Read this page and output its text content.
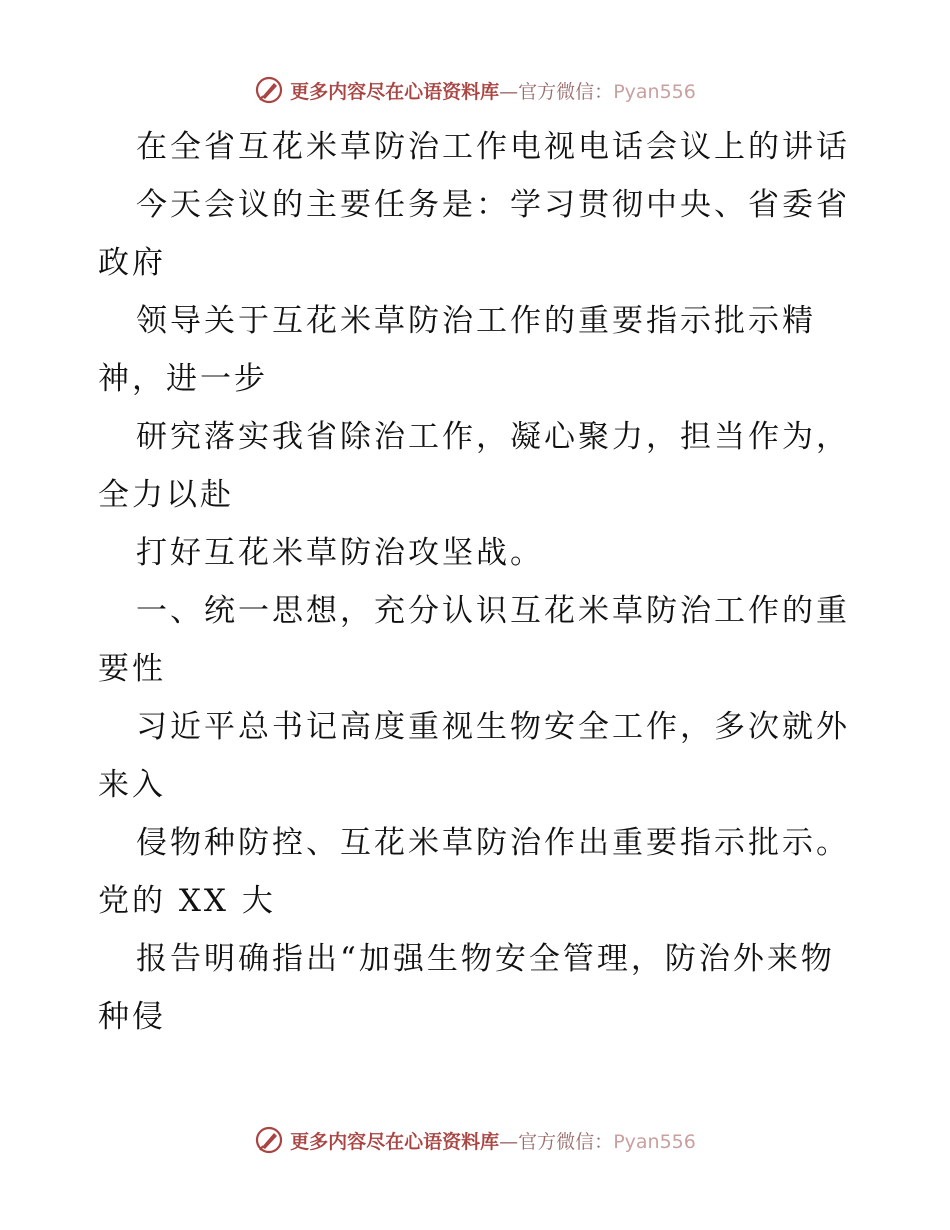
更多内容尽在心语资料库—官方微信：Pyan556
在全省互花米草防治工作电视电话会议上的讲话
今天会议的主要任务是：学习贯彻中央、省委省
政府
领导关于互花米草防治工作的重要指示批示精
神，进一步
研究落实我省除治工作，凝心聚力，担当作为，
全力以赴
打好互花米草防治攻坚战。
一、统一思想，充分认识互花米草防治工作的重
要性
习近平总书记高度重视生物安全工作，多次就外
来入
侵物种防控、互花米草防治作出重要指示批示。
党的 XX 大
报告明确指出“加强生物安全管理，防治外来物
种侵
更多内容尽在心语资料库—官方微信：Pyan556
